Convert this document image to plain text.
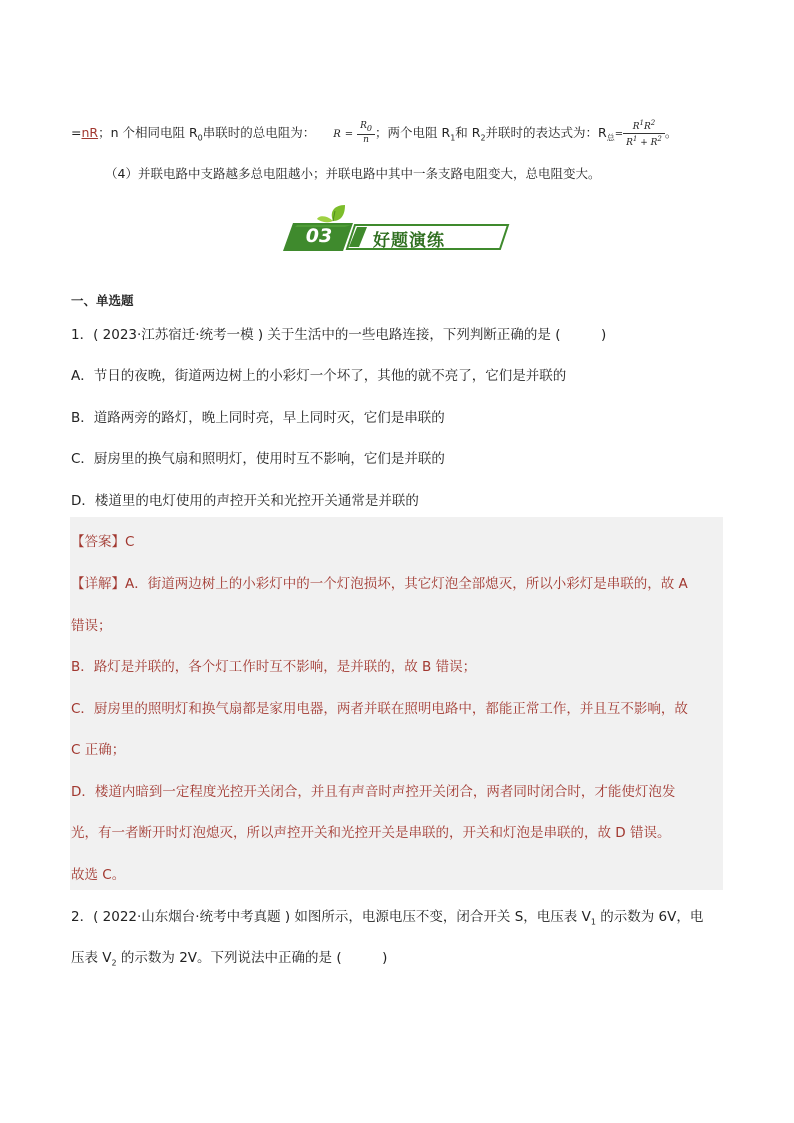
=nR；n 个相同电阻 $R_0$串联时的总电阻为： $R = \frac{R_0}{n}$ ；两个电阻 $R_1$和 $R_2$并联时的表达式为：$R_总= \frac{R^1R^2}{R^1 + R^2}$ 。
（4）并联电路中支路越多总电阻越小；并联电路中其中一条支路电阻变大，总电阻变大。
03	好题演练
一、单选题
1．( 2023·江苏宿迁·统考一模 ) 关于生活中的一些电路连接，下列判断正确的是 (　　　)
A．节日的夜晚，街道两边树上的小彩灯一个坏了，其他的就不亮了，它们是并联的
B．道路两旁的路灯，晚上同时亮，早上同时灭，它们是串联的
C．厨房里的换气扇和照明灯，使用时互不影响，它们是并联的
D．楼道里的电灯使用的声控开关和光控开关通常是并联的
【答案】C
【详解】A．街道两边树上的小彩灯中的一个灯泡损坏，其它灯泡全部熄灭，所以小彩灯是串联的，故 A
错误；
B．路灯是并联的，各个灯工作时互不影响，是并联的，故 B 错误；
C．厨房里的照明灯和换气扇都是家用电器，两者并联在照明电路中，都能正常工作，并且互不影响，故
C 正确；
D．楼道内暗到一定程度光控开关闭合，并且有声音时声控开关闭合，两者同时闭合时，才能使灯泡发
光，有一者断开时灯泡熄灭，所以声控开关和光控开关是串联的，开关和灯泡是串联的，故 D 错误。
故选 C。
2．( 2022·山东烟台·统考中考真题 ) 如图所示，电源电压不变，闭合开关 S，电压表 $V_1$ 的示数为 6V，电
压表 $V_2$ 的示数为 2V。下列说法中正确的是 (　　　)
